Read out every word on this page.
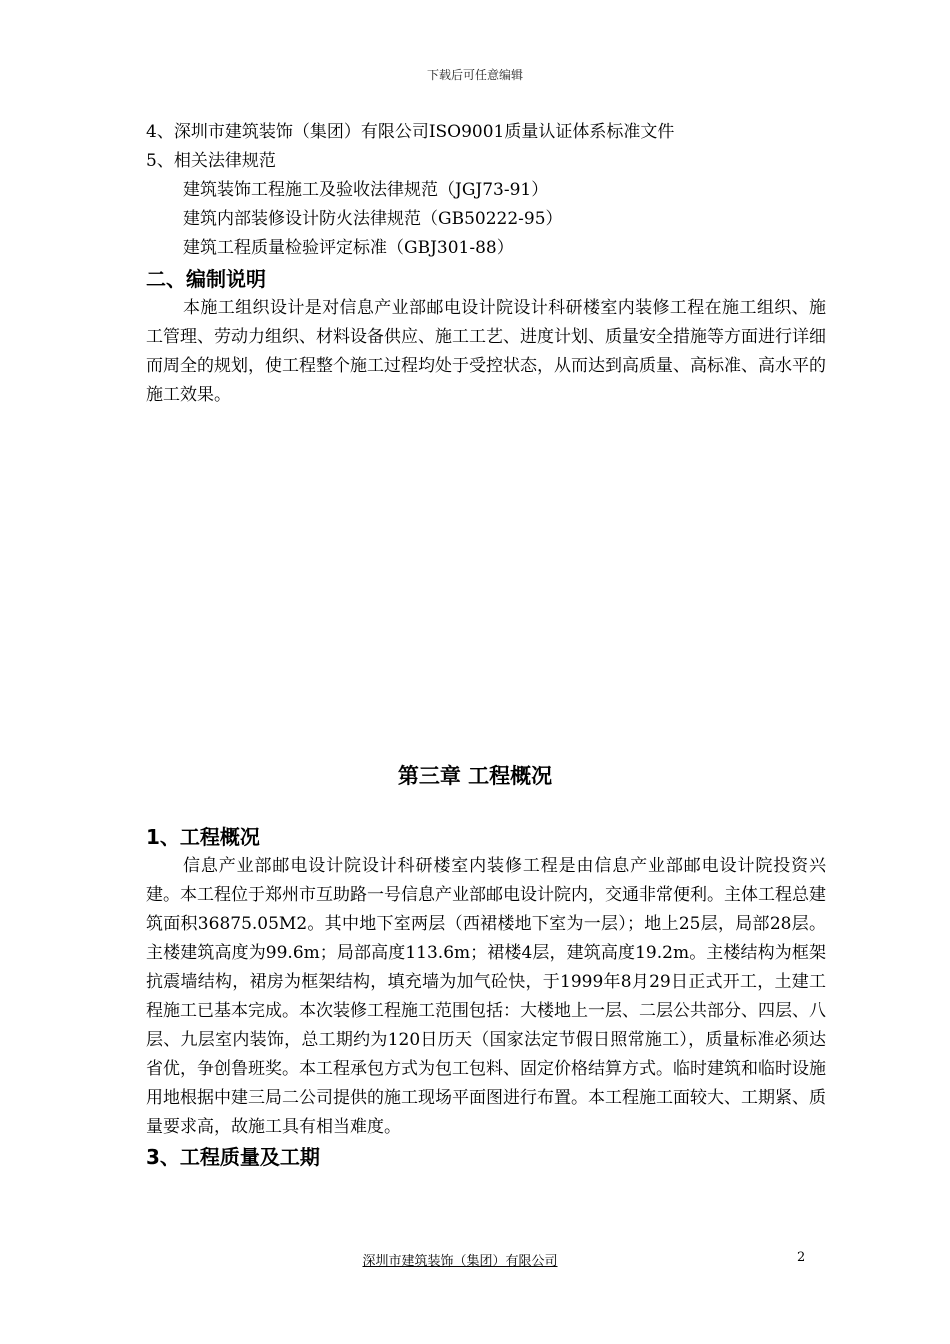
下载后可任意编辑
4、深圳市建筑装饰（集团）有限公司ISO9001质量认证体系标准文件
5、相关法律规范
建筑装饰工程施工及验收法律规范（JGJ73-91）
建筑内部装修设计防火法律规范（GB50222-95）
建筑工程质量检验评定标准（GBJ301-88）
二、编制说明

本施工组织设计是对信息产业部邮电设计院设计科研楼室内装修工程在施工组织、施工管理、劳动力组织、材料设备供应、施工工艺、进度计划、质量安全措施等方面进行详细而周全的规划，使工程整个施工过程均处于受控状态，从而达到高质量、高标准、高水平的施工效果。

第三章 工程概况
1、工程概况

信息产业部邮电设计院设计科研楼室内装修工程是由信息产业部邮电设计院投资兴建。本工程位于郑州市互助路一号信息产业部邮电设计院内，交通非常便利。主体工程总建筑面积36875.05M2。其中地下室两层（西裙楼地下室为一层）；地上25层，局部28层。主楼建筑高度为99.6m；局部高度113.6m；裙楼4层，建筑高度19.2m。主楼结构为框架抗震墙结构，裙房为框架结构，填充墙为加气砼快，于1999年8月29日正式开工，土建工程施工已基本完成。本次装修工程施工范围包括：大楼地上一层、二层公共部分、四层、八层、九层室内装饰，总工期约为120日历天（国家法定节假日照常施工），质量标准必须达省优，争创鲁班奖。本工程承包方式为包工包料、固定价格结算方式。临时建筑和临时设施用地根据中建三局二公司提供的施工现场平面图进行布置。本工程施工面较大、工期紧、质量要求高，故施工具有相当难度。

3、工程质量及工期
深圳市建筑装饰（集团）有限公司	2
